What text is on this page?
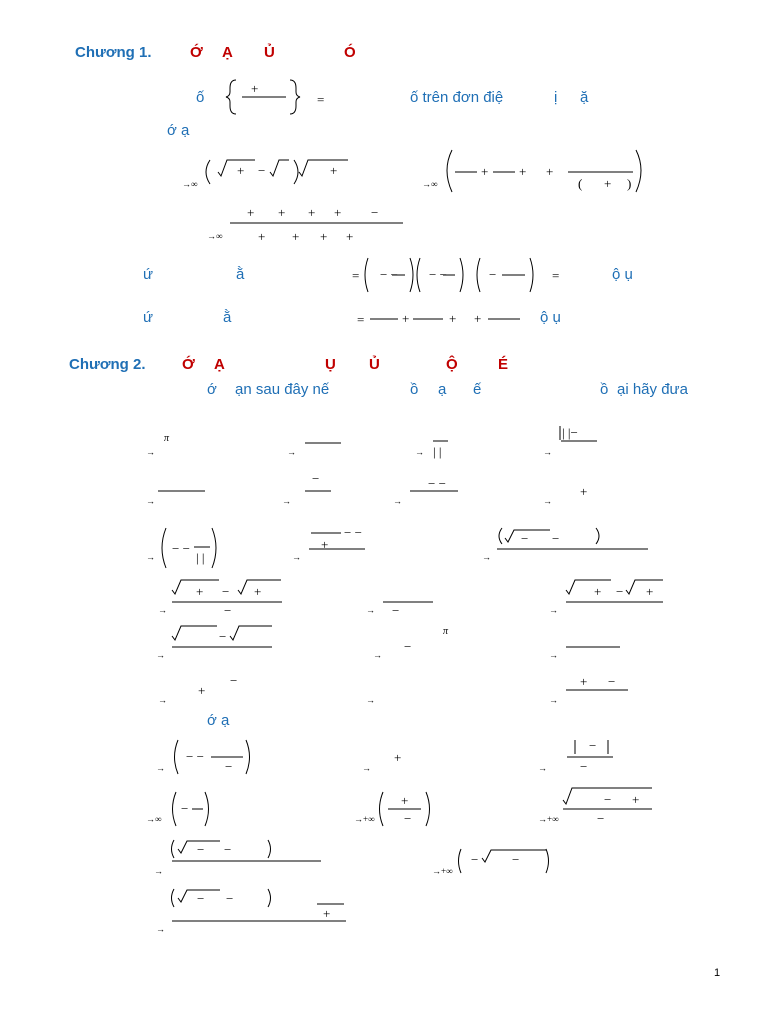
Chương 1.	Ớ Ạ Ủ	Ó
ố	=	ố trên đơn điệ	ị ặ
ớ ạ
ứ	ằ	=	=	ộ ụ
ứ	ằ	=	ộ ụ
Chương 2. Ớ Ạ	Ụ Ủ	Ộ	É
ớ ạn sau đây nế	ồ ạ ế	ồ ại hãy đưa
ớ ạ
+
→∞
+ −	+
→∞
+ + +
( + )
+ + + + −
→∞	+ + + +
− − − −	−
+	+ +
→
π
→	→ | |
| |−
→
→
−
→
− −
→	→
+
→
− −
| |	→
− −
+	− −
→
→
+ − +
−	→ −	→
+ − +
→
−
→
−
π
→
→
+
−
→	→
+ −
→
− −
−	→
+
→
−
−
→∞
−
→+∞
+
−	→+∞
− +
−
→
− −
→+∞
−	−
→
− −
+
1
